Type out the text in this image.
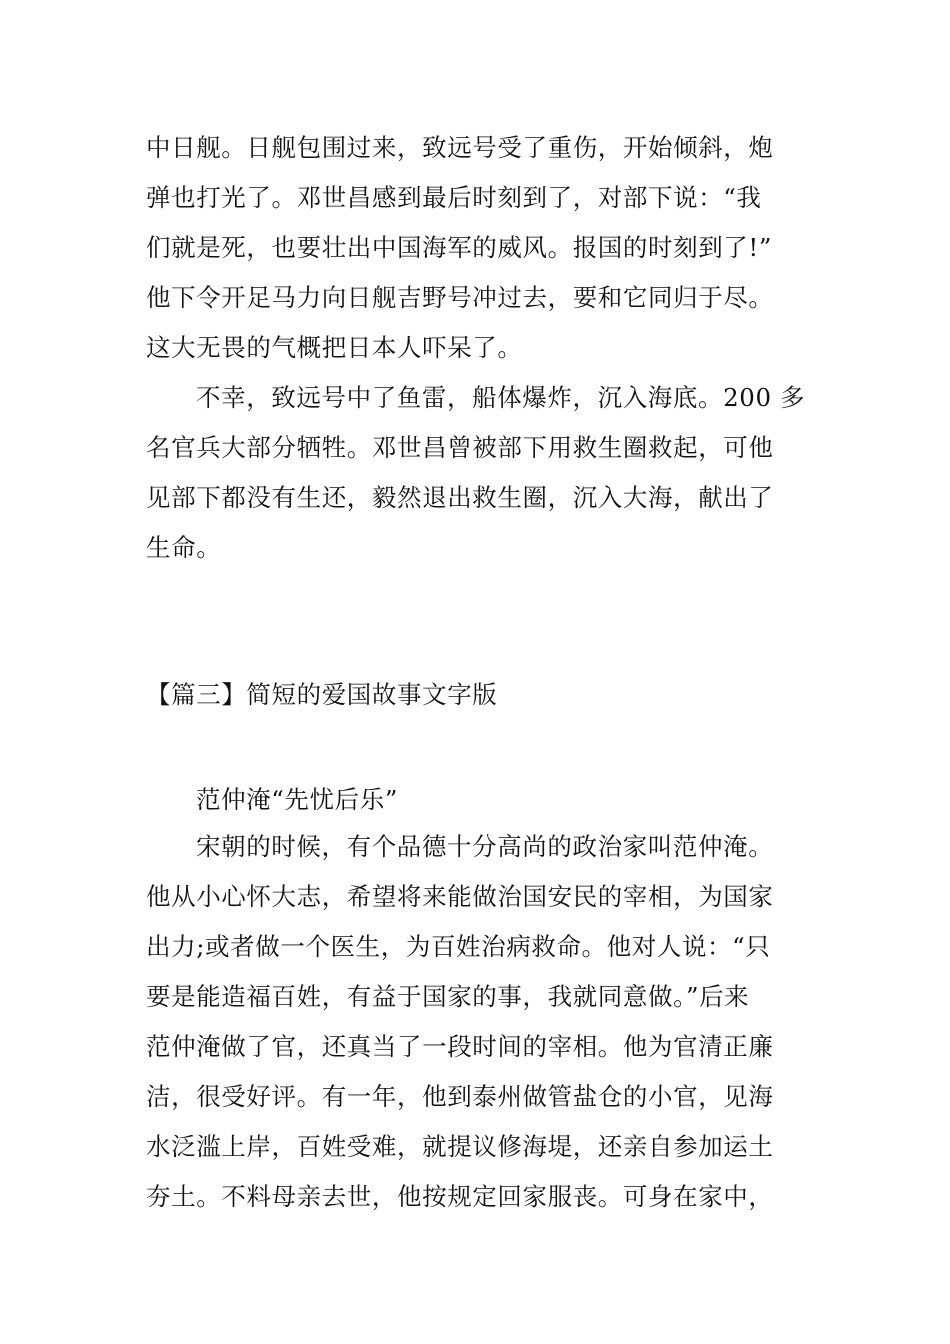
中日舰。日舰包围过来，致远号受了重伤，开始倾斜，炮
弹也打光了。邓世昌感到最后时刻到了，对部下说：“我
们就是死，也要壮出中国海军的威风。报国的时刻到了!”
他下令开足马力向日舰吉野号冲过去，要和它同归于尽。
这大无畏的气概把日本人吓呆了。
不幸，致远号中了鱼雷，船体爆炸，沉入海底。200 多
名官兵大部分牺牲。邓世昌曾被部下用救生圈救起，可他
见部下都没有生还，毅然退出救生圈，沉入大海，献出了
生命。
【篇三】简短的爱国故事文字版
范仲淹“先忧后乐”
宋朝的时候，有个品德十分高尚的政治家叫范仲淹。
他从小心怀大志，希望将来能做治国安民的宰相，为国家
出力;或者做一个医生，为百姓治病救命。他对人说：“只
要是能造福百姓，有益于国家的事，我就同意做。”后来
范仲淹做了官，还真当了一段时间的宰相。他为官清正廉
洁，很受好评。有一年，他到泰州做管盐仓的小官，见海
水泛滥上岸，百姓受难，就提议修海堤，还亲自参加运土
夯土。不料母亲去世，他按规定回家服丧。可身在家中，
